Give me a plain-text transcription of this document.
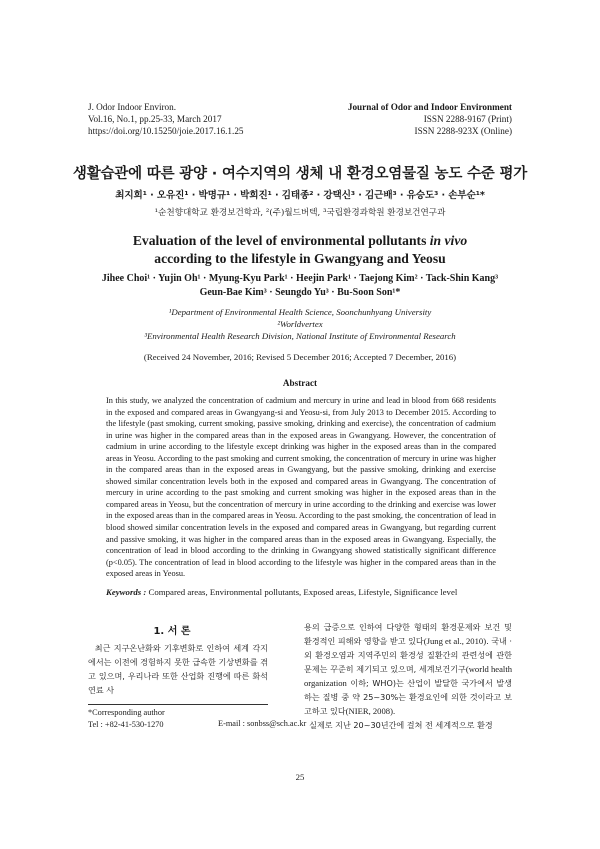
J. Odor Indoor Environ.
Vol.16, No.1, pp.25-33, March 2017
https://doi.org/10.15250/joie.2017.16.1.25
Journal of Odor and Indoor Environment
ISSN 2288-9167 (Print)
ISSN 2288-923X (Online)
생활습관에 따른 광양 · 여수지역의 생체 내 환경오염물질 농도 수준 평가
최지희¹ · 오유진¹ · 박명규¹ · 박희진¹ · 김태종² · 강택신³ · 김근배³ · 유승도³ · 손부순¹*
¹순천향대학교 환경보건학과, ²(주)월드버텍, ³국립환경과학원 환경보건연구과
Evaluation of the level of environmental pollutants in vivo
according to the lifestyle in Gwangyang and Yeosu
Jihee Choi¹ · Yujin Oh¹ · Myung-Kyu Park¹ · Heejin Park¹ · Taejong Kim² · Tack-Shin Kang³
Geun-Bae Kim³ · Seungdo Yu³ · Bu-Soon Son¹*
¹Department of Environmental Health Science, Soonchunhyang University
²Worldvertex
³Environmental Health Research Division, National Institute of Environmental Research
(Received 24 November, 2016; Revised 5 December 2016; Accepted 7 December, 2016)
Abstract

In this study, we analyzed the concentration of cadmium and mercury in urine and lead in blood from 668 residents in the exposed and compared areas in Gwangyang-si and Yeosu-si, from July 2013 to December 2015. According to the lifestyle (past smoking, current smoking, passive smoking, drinking and exercise), the concentration of cadmium in urine was higher in the compared areas than in the exposed areas in Gwangyang. However, the concentration of cadmium in urine according to the lifestyle except drinking was higher in the exposed areas than in the compared areas in Yeosu. According to the past smoking and current smoking, the concentration of mercury in urine was higher in the compared areas than in the exposed areas in Gwangyang, but the passive smoking, drinking and exercise showed similar concentration levels both in the exposed and compared areas in Gwangyang. The concentration of mercury in urine according to the past smoking and current smoking was higher in the exposed areas than in the compared areas in Yeosu, but the concentration of mercury in urine according to the drinking and exercise was lower in the exposed areas than in the compared areas in Yeosu. According to the past smoking, the concentration of lead in blood showed similar concentration levels in the exposed and compared areas in Gwangyang, but regarding current and passive smoking, it was higher in the compared areas than in the exposed areas in Gwangyang. Especially, the concentration of lead in blood according to the drinking in Gwangyang showed statistically significant difference (p<0.05). The concentration of lead in blood according to the lifestyle was higher in the compared areas than in the exposed areas in Yeosu.

Keywords : Compared areas, Environmental pollutants, Exposed areas, Lifestyle, Significance level
1. 서 론

최근 지구온난화와 기후변화로 인하여 세계 각지에서는 이전에 경험하지 못한 급속한 기상변화를 겪고 있으며, 우리나라 또한 산업화 진행에 따른 화석연료 사

용의 급증으로 인하여 다양한 형태의 환경문제와 보건 및 환경적인 피해와 영향을 받고 있다(Jung et al., 2010). 국내 · 외 환경오염과 지역주민의 환경성 질환간의 관련성에 관한 문제는 꾸준히 제기되고 있으며, 세계보건기구(world health organization 이하; WHO)는 산업이 발달한 국가에서 발생하는 질병 중 약 25~30%는 환경요인에 의한 것이라고 보고하고 있다(NIER, 2008).

실제로 지난 20~30년간에 걸쳐 전 세계적으로 환경

*Corresponding author
Tel : +82-41-530-1270	E-mail : sonbss@sch.ac.kr
25
